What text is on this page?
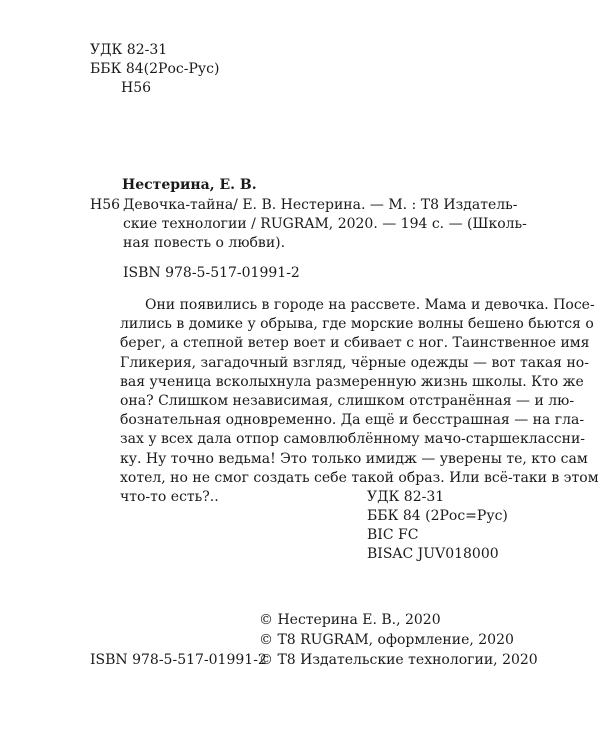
УДК 82-31
ББК 84(2Рос-Рус)
Н56
Нестерина, Е. В.
Н56 Девочка-тайна/ Е. В. Нестерина. — М. : Т8 Издатель-
ские технологии / RUGRAM, 2020. — 194 с. — (Школь-
ная повесть о любви).
ISBN 978-5-517-01991-2
Они появились в городе на рассвете. Мама и девочка. Посе-
лились в домике у обрыва, где морские волны бешено бьются о
берег, а степной ветер воет и сбивает с ног. Таинственное имя
Гликерия, загадочный взгляд, чёрные одежды — вот такая но-
вая ученица всколыхнула размеренную жизнь школы. Кто же
она? Слишком независимая, слишком отстранённая — и лю-
бознательная одновременно. Да ещё и бесстрашная — на гла-
зах у всех дала отпор самовлюблённому мачо-старшекласcни-
ку. Ну точно ведьма! Это только имидж — уверены те, кто сам
хотел, но не смог создать себе такой образ. Или всё-таки в этом
что-то есть?..	УДК 82-31
ББК 84 (2Рос=Рус)
BIC FC
BISAC JUV018000
© Нестерина Е. В., 2020
© Т8 RUGRAM, оформление, 2020
© Т8 Издательские технологии, 2020
ISBN 978-5-517-01991-2
